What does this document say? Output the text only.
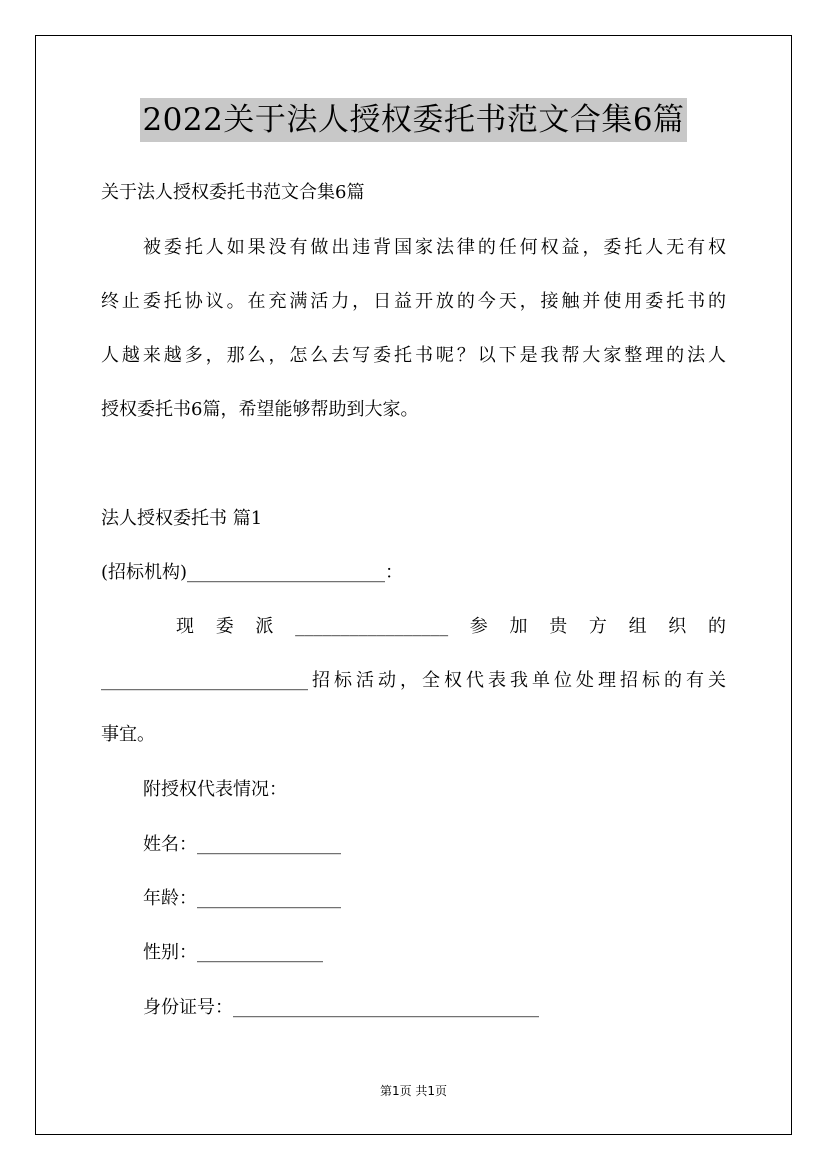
2022关于法人授权委托书范文合集6篇
关于法人授权委托书范文合集6篇
被委托人如果没有做出违背国家法律的任何权益，委托人无有权
终止委托协议。在充满活力，日益开放的今天，接触并使用委托书的
人越来越多，那么，怎么去写委托书呢？以下是我帮大家整理的法人
授权委托书6篇，希望能够帮助到大家。
法人授权委托书 篇1
(招标机构)______________________：
现委派_________________参加贵方组织的
_______________________招标活动，全权代表我单位处理招标的有关
事宜。
附授权代表情况：
姓名：________________
年龄：________________
性别：______________
身份证号：__________________________________
第1页 共1页
